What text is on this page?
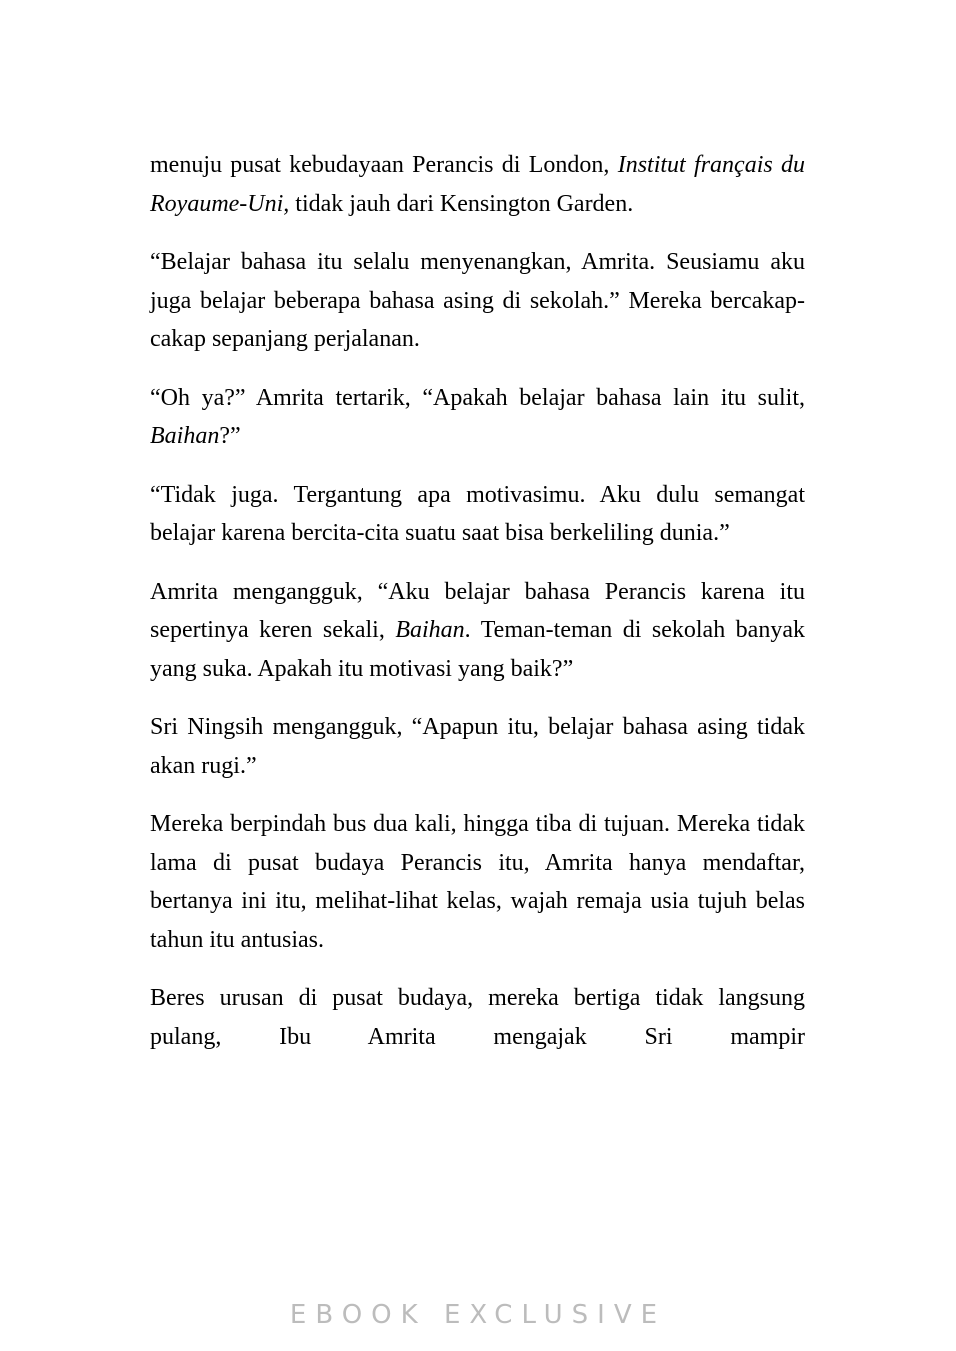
menuju pusat kebudayaan Perancis di London, Institut français du Royaume-Uni, tidak jauh dari Kensington Garden.

“Belajar bahasa itu selalu menyenangkan, Amrita. Seusiamu aku juga belajar beberapa bahasa asing di sekolah.” Mereka bercakap-cakap sepanjang perjalanan.

“Oh ya?” Amrita tertarik, “Apakah belajar bahasa lain itu sulit, Baihan?”

“Tidak juga. Tergantung apa motivasimu. Aku dulu semangat belajar karena bercita-cita suatu saat bisa berkeliling dunia.”

Amrita mengangguk, “Aku belajar bahasa Perancis karena itu sepertinya keren sekali, Baihan. Teman-teman di sekolah banyak yang suka. Apakah itu motivasi yang baik?”

Sri Ningsih mengangguk, “Apapun itu, belajar bahasa asing tidak akan rugi.”

Mereka berpindah bus dua kali, hingga tiba di tujuan. Mereka tidak lama di pusat budaya Perancis itu, Amrita hanya mendaftar, bertanya ini itu, melihat-lihat kelas, wajah remaja usia tujuh belas tahun itu antusias.

Beres urusan di pusat budaya, mereka bertiga tidak langsung pulang, Ibu Amrita mengajak Sri mampir

EBOOK EXCLUSIVE
